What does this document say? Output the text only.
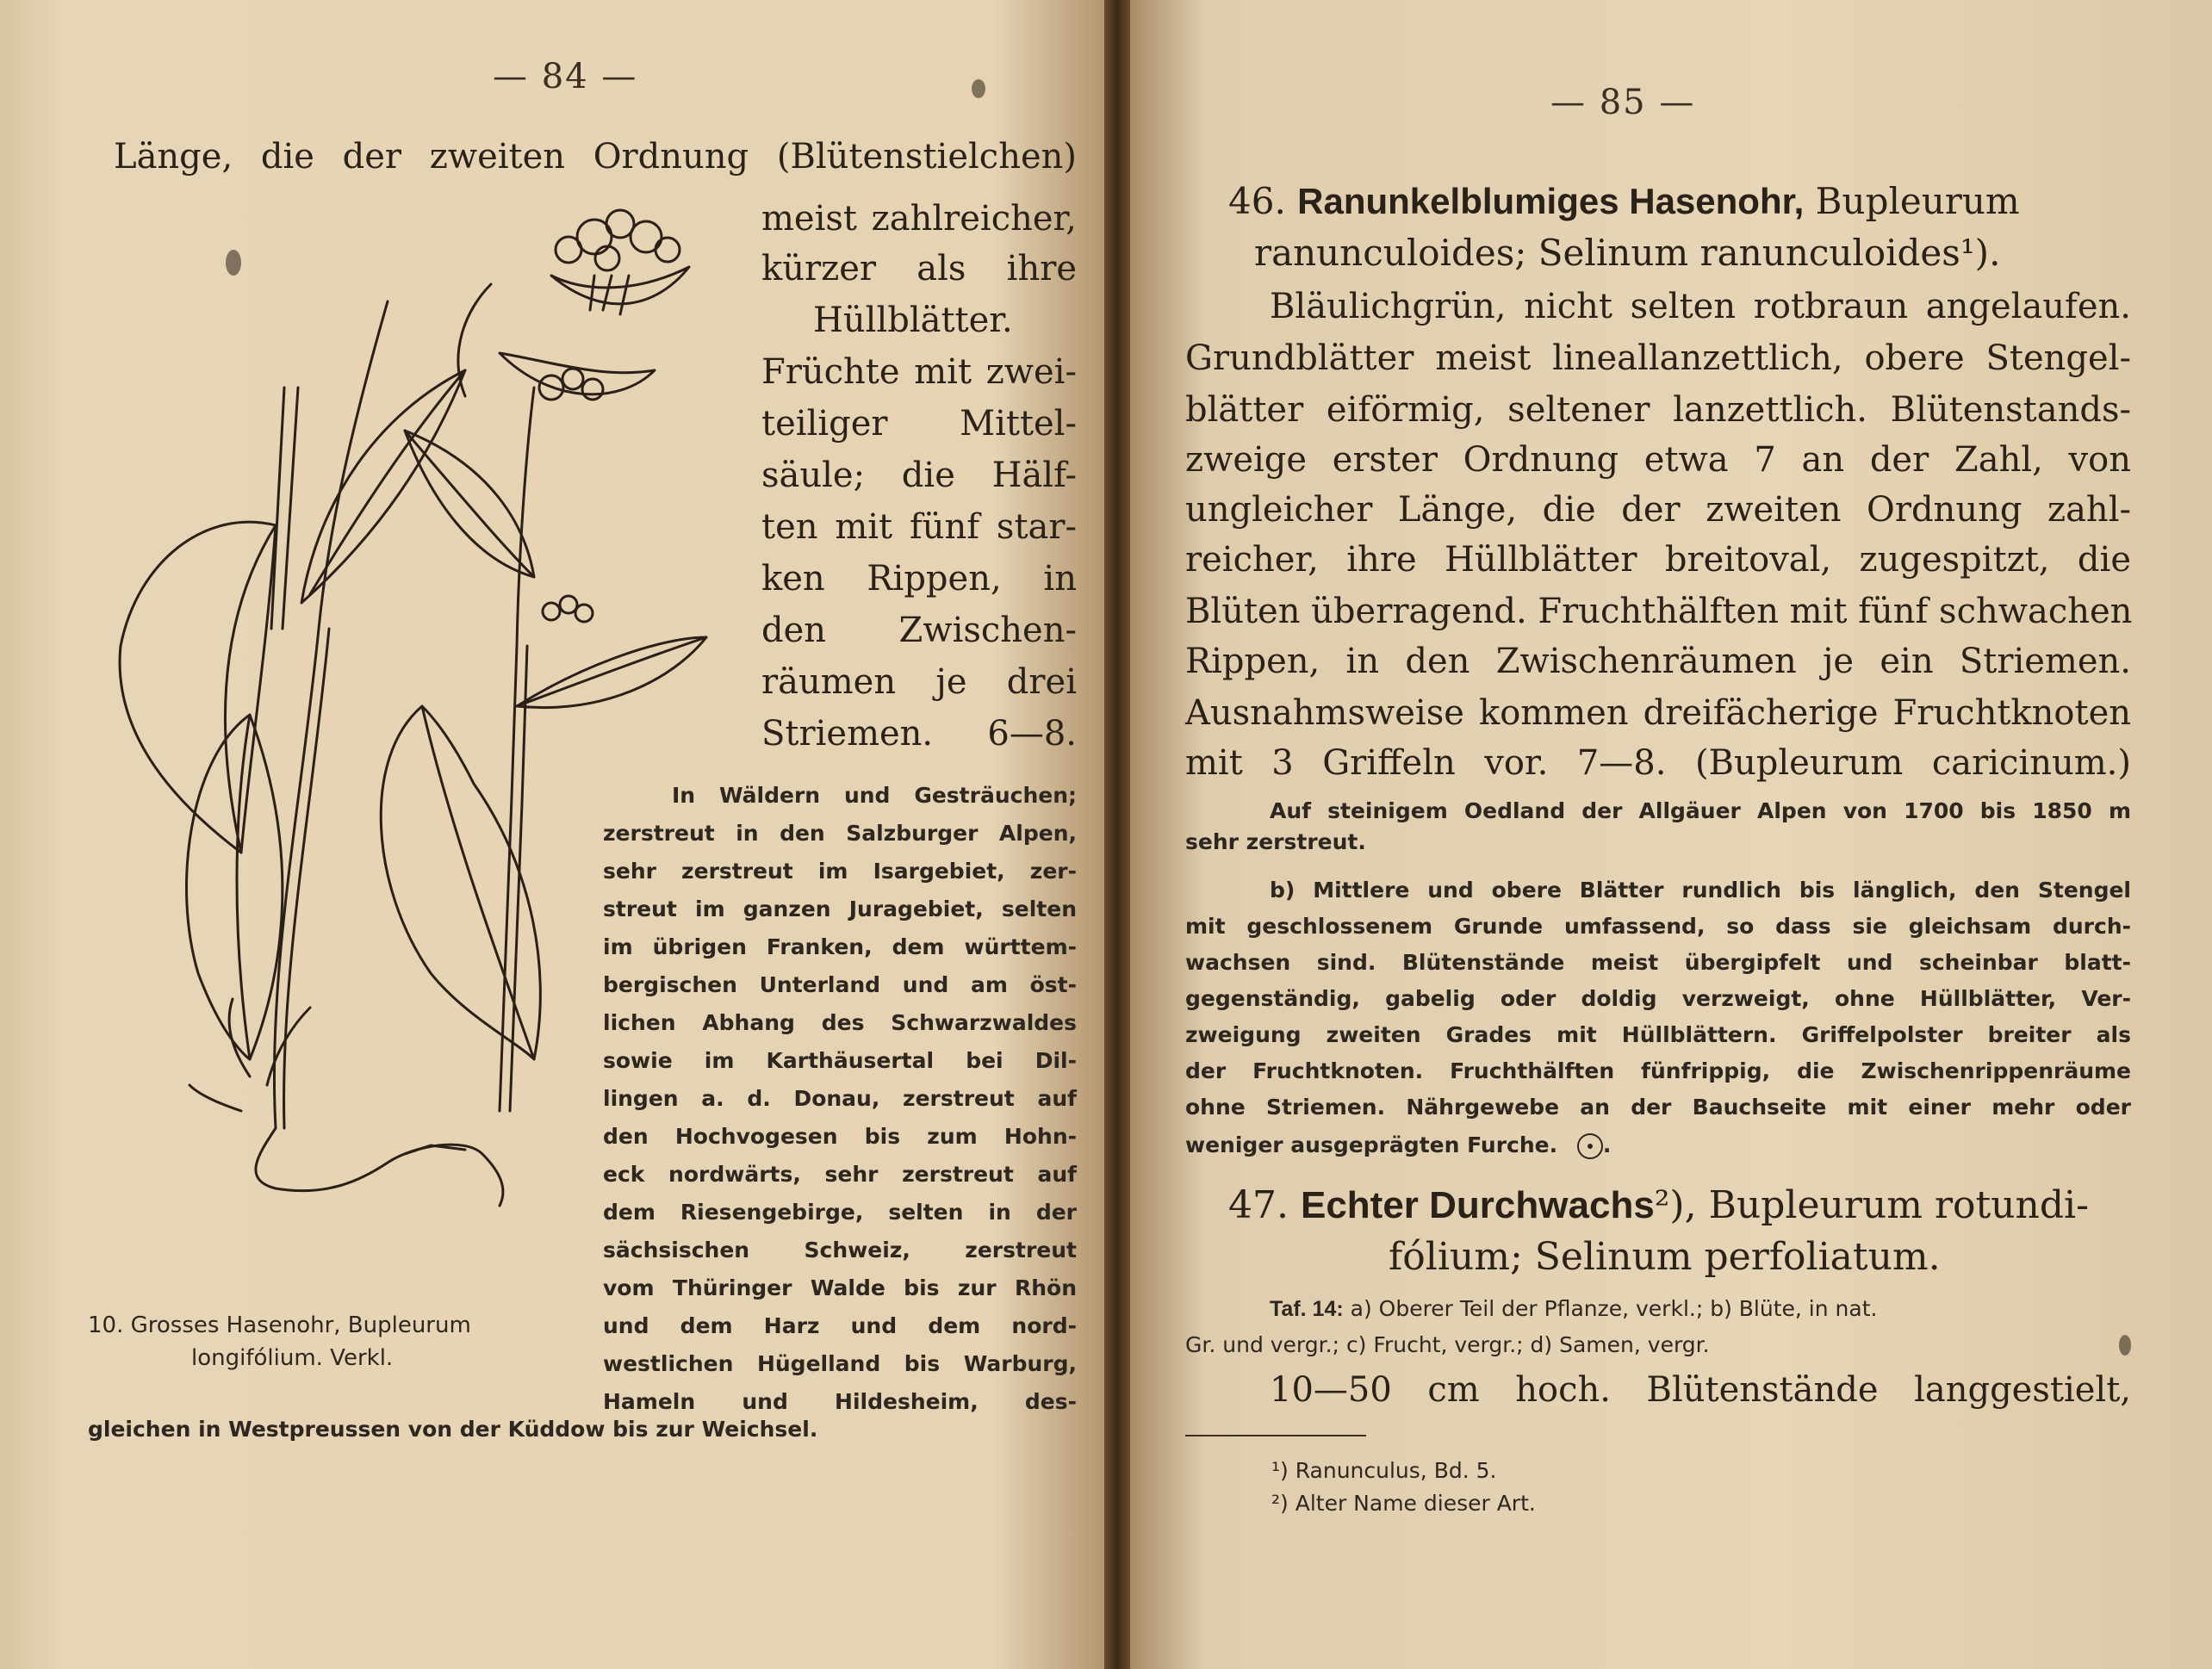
— 84 —
Länge, die der zweiten Ordnung (Blütenstielchen)
meist zahlreicher,
kürzer als ihre
Hüllblätter.
Früchte mit zwei-
teiliger Mittel-
säule; die Hälf-
ten mit fünf star-
ken Rippen, in
den Zwischen-
räumen je drei
Striemen. 6—8.
In Wäldern und Gesträuchen;
zerstreut in den Salzburger Alpen,
sehr zerstreut im Isargebiet, zer-
streut im ganzen Juragebiet, selten
im übrigen Franken, dem württem-
bergischen Unterland und am öst-
lichen Abhang des Schwarzwaldes
sowie im Karthäusertal bei Dil-
lingen a. d. Donau, zerstreut auf
den Hochvogesen bis zum Hohn-
eck nordwärts, sehr zerstreut auf
dem Riesengebirge, selten in der
sächsischen Schweiz, zerstreut
vom Thüringer Walde bis zur Rhön
und dem Harz und dem nord-
westlichen Hügelland bis Warburg,
Hameln und Hildesheim, des-
gleichen in Westpreussen von der Küddow bis zur Weichsel.
10. Grosses Hasenohr, Bupleurum
longifólium. Verkl.
— 85 —
46. Ranunkelblumiges Hasenohr, Bupleurum
ranunculoides; Selinum ranunculoides¹).
Bläulichgrün, nicht selten rotbraun angelaufen.
Grundblätter meist lineallanzettlich, obere Stengel-
blätter eiförmig, seltener lanzettlich. Blütenstands-
zweige erster Ordnung etwa 7 an der Zahl, von
ungleicher Länge, die der zweiten Ordnung zahl-
reicher, ihre Hüllblätter breitoval, zugespitzt, die
Blüten überragend. Fruchthälften mit fünf schwachen
Rippen, in den Zwischenräumen je ein Striemen.
Ausnahmsweise kommen dreifächerige Fruchtknoten
mit 3 Griffeln vor. 7—8. (Bupleurum caricinum.)
Auf steinigem Oedland der Allgäuer Alpen von 1700 bis 1850 m
sehr zerstreut.
b) Mittlere und obere Blätter rundlich bis länglich, den Stengel
mit geschlossenem Grunde umfassend, so dass sie gleichsam durch-
wachsen sind. Blütenstände meist übergipfelt und scheinbar blatt-
gegenständig, gabelig oder doldig verzweigt, ohne Hüllblätter, Ver-
zweigung zweiten Grades mit Hüllblättern. Griffelpolster breiter als
der Fruchtknoten. Fruchthälften fünfrippig, die Zwischenrippenräume
ohne Striemen. Nährgewebe an der Bauchseite mit einer mehr oder
weniger ausgeprägten Furche. .
47. Echter Durchwachs²), Bupleurum rotundi-
fólium; Selinum perfoliatum.
Taf. 14: a) Oberer Teil der Pflanze, verkl.; b) Blüte, in nat.
Gr. und vergr.; c) Frucht, vergr.; d) Samen, vergr.
10—50 cm hoch. Blütenstände langgestielt,
¹) Ranunculus, Bd. 5.
²) Alter Name dieser Art.
